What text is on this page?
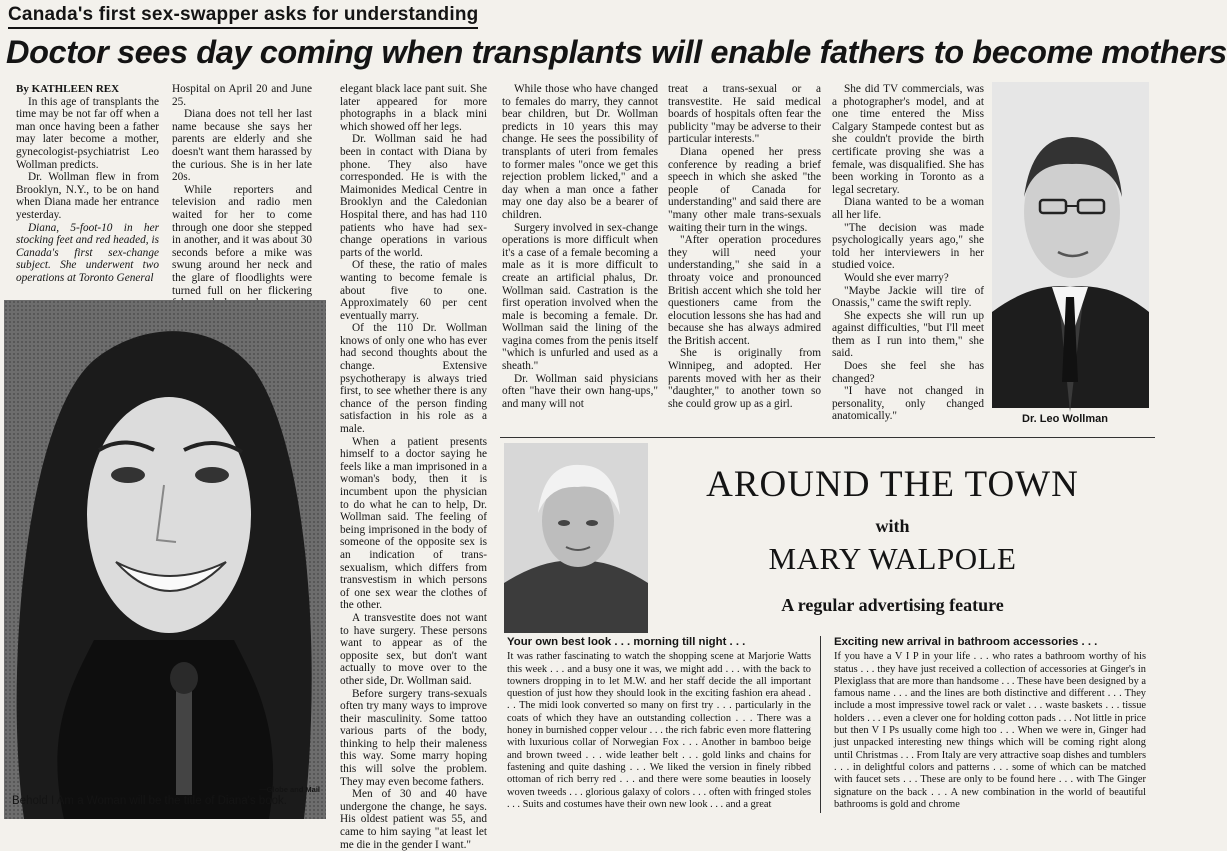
Canada's first sex-swapper asks for understanding
Doctor sees day coming when transplants will enable fathers to become mothers

By KATHLEEN REX

In this age of transplants the time may be not far off when a man once having been a father may later become a mother, gynecologist-psychiatrist Leo Wollman predicts.

Dr. Wollman flew in from Brooklyn, N.Y., to be on hand when Diana made her entrance yesterday.

Diana, 5-foot-10 in her stocking feet and red headed, is Canada's first sex-change subject. She underwent two operations at Toronto General

Hospital on April 20 and June 25.

Diana does not tell her last name because she says her parents are elderly and she doesn't want them harassed by the curious. She is in her late 20s.

While reporters and television and radio men waited for her to come through one door she stepped in another, and it was about 30 seconds before a mike was swung around her neck and the glare of floodlights were turned full on her flickering

—Globe and Mail
Behold I Am a Woman will be the title of Diana's book.

elegant black lace pant suit. She later appeared for more photographs in a black mini which showed off her legs.

Dr. Wollman said he had been in contact with Diana by phone. They also have corresponded. He is with the Maimonides Medical Centre in Brooklyn and the Caledonian Hospital there, and has had 110 patients who have had sex-change operations in various parts of the world.

Of these, the ratio of males wanting to become female is about five to one. Approximately 60 per cent eventually marry.

Of the 110 Dr. Wollman knows of only one who has ever had second thoughts about the change. Extensive psychotherapy is always tried first, to see whether there is any chance of the person finding satisfaction in his role as a male.

When a patient presents himself to a doctor saying he feels like a man imprisoned in a woman's body, then it is incumbent upon the physician to do what he can to help, Dr. Wollman said. The feeling of being imprisoned in the body of someone of the opposite sex is an indication of trans-sexualism, which differs from transvestism in which persons of one sex wear the clothes of the other.

A transvestite does not want to have surgery. These persons want to appear as of the opposite sex, but don't want actually to move over to the other side, Dr. Wollman said.

Before surgery trans-sexuals often try many ways to improve their masculinity. Some tattoo various parts of the body, thinking to help their maleness this way. Some marry hoping this will solve the problem. They may even become fathers.

Men of 30 and 40 have undergone the change, he says. His oldest patient was 55, and came to him saying "at least let me die in the gender I want."

While those who have changed to females do marry, they cannot bear children, but Dr. Wollman predicts in 10 years this may change. He sees the possibility of transplants of uteri from females to former males "once we get this rejection problem licked," and a day when a man once a father may one day also be a bearer of children.

Surgery involved in sex-change operations is more difficult when it's a case of a female becoming a male as it is more difficult to create an artificial phalus, Dr. Wollman said. Castration is the first operation involved when the male is becoming a female. Dr. Wollman said the lining of the vagina comes from the penis itself "which is unfurled and used as a sheath."

Dr. Wollman said physicians often "have their own hang-ups," and many will not

treat a trans-sexual or a transvestite. He said medical boards of hospitals often fear the publicity "may be adverse to their particular interests."

Diana opened her press conference by reading a brief speech in which she asked "the people of Canada for understanding" and said there are "many other male trans-sexuals waiting their turn in the wings.

"After operation procedures they will need your understanding," she said in a throaty voice and pronounced British accent which she told her questioners came from the elocution lessons she has had and because she has always admired the British accent.

She is originally from Winnipeg, and adopted. Her parents moved with her as their "daughter," to another town so she could grow up as a girl.

She did TV commercials, was a photographer's model, and at one time entered the Miss Calgary Stampede contest but as she couldn't provide the birth certificate proving she was a female, was disqualified. She has been working in Toronto as a legal secretary.

Diana wanted to be a woman all her life.

"The decision was made psychologically years ago," she told her interviewers in her studied voice.

Would she ever marry?

"Maybe Jackie will tire of Onassis," came the swift reply.

She expects she will run up against difficulties, "but I'll meet them as I run into them," she said.

Does she feel she has changed?

"I have not changed in personality, only changed anatomically."	Dr. Leo Wollman
AROUND THE TOWN
with
MARY WALPOLE
A regular advertising feature

Your own best look . . . morning till night . . .

It was rather fascinating to watch the shopping scene at Marjorie Watts this week . . . and a busy one it was, we might add . . . with the back to towners dropping in to let M.W. and her staff decide the all important question of just how they should look in the exciting fashion era ahead . . . The midi look converted so many on first try . . . particularly in the coats of which they have an outstanding collection . . . There was a honey in burnished copper velour . . . the rich fabric even more flattering with luxurious collar of Norwegian Fox . . . Another in bamboo beige and brown tweed . . . wide leather belt . . . gold links and chains for fastening and quite dashing . . . We liked the version in finely ribbed ottoman of rich berry red . . . and there were some beauties in loosely woven tweeds . . . glorious galaxy of colors . . . often with fringed stoles . . . Suits and costumes have their own new look . . . and a great

Exciting new arrival in bathroom accessories . . .

If you have a V I P in your life . . . who rates a bathroom worthy of his status . . . they have just received a collection of accessories at Ginger's in Plexiglass that are more than handsome . . . These have been designed by a famous name . . . and the lines are both distinctive and different . . . They include a most impressive towel rack or valet . . . waste baskets . . . tissue holders . . . even a clever one for holding cotton pads . . . Not little in price but then V I Ps usually come high too . . . When we were in, Ginger had just unpacked interesting new things which will be coming right along until Christmas . . . From Italy are very attractive soap dishes and tumblers . . . in delightful colors and patterns . . . some of which can be matched with faucet sets . . . These are only to be found here . . . with The Ginger signature on the back . . . A new combination in the world of beautiful bathrooms is gold and chrome
